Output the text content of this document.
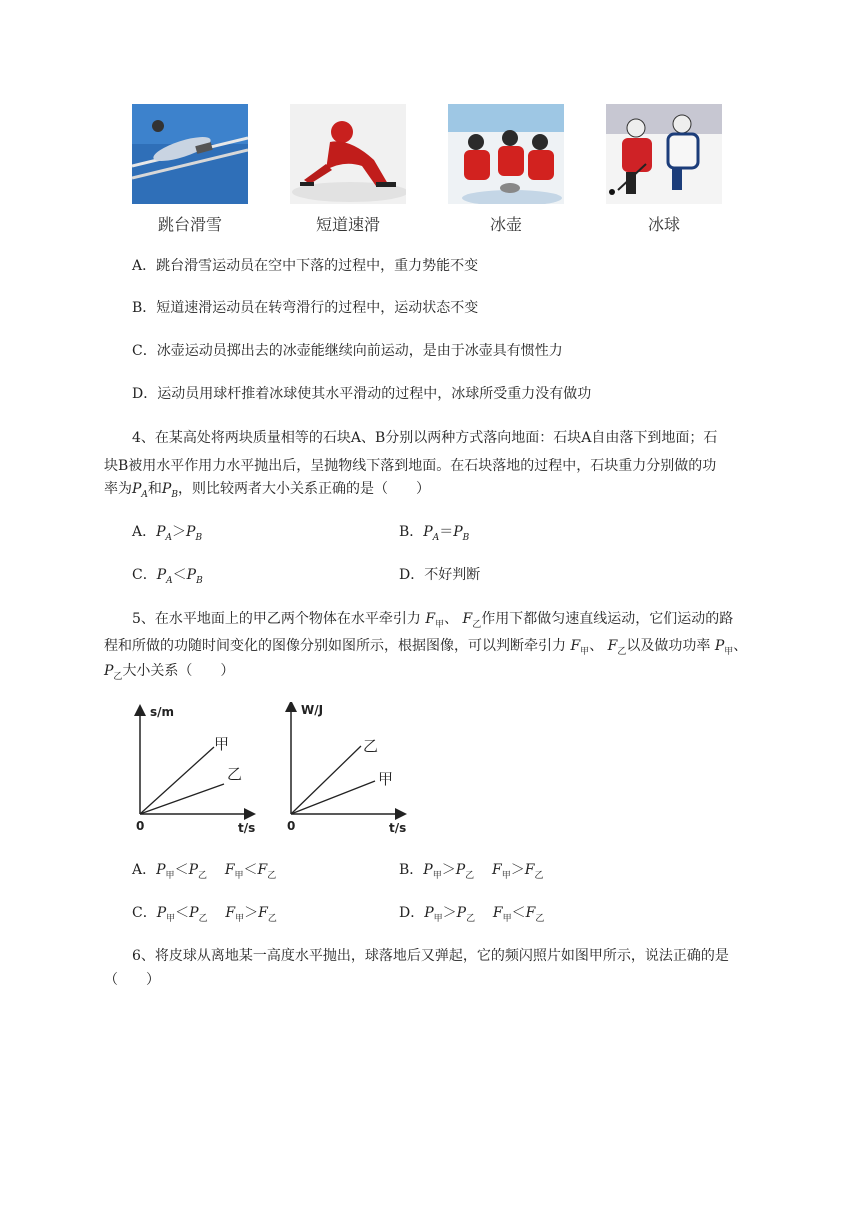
跳台滑雪	短道速滑	冰壶	冰球
A．跳台滑雪运动员在空中下落的过程中，重力势能不变
B．短道速滑运动员在转弯滑行的过程中，运动状态不变
C．冰壶运动员掷出去的冰壶能继续向前运动，是由于冰壶具有惯性力
D．运动员用球杆推着冰球使其水平滑动的过程中，冰球所受重力没有做功
4、在某高处将两块质量相等的石块A、B分别以两种方式落向地面：石块A自由落下到地面；石
块B被用水平作用力水平抛出后，呈抛物线下落到地面。在石块落地的过程中，石块重力分别做的功
率为$P_A$和$P_B$，则比较两者大小关系正确的是（　　）
A．$P_A>P_B$	B．$P_A=P_B$
C．$P_A<P_B$	D．不好判断
5、在水平地面上的甲乙两个物体在水平牵引力 $F_甲$、 $F_乙$作用下都做匀速直线运动，它们运动的路
程和所做的功随时间变化的图像分别如图所示，根据图像，可以判断牵引力 $F_甲$、 $F_乙$以及做功功率 $P_甲$、
$P_乙$大小关系（　　）
s/m
t/s
0
甲
乙
W/J
t/s
0
乙
甲
A．$P_甲<P_乙$ $F_甲<F_乙$	B．$P_甲>P_乙$ $F_甲>F_乙$
C．$P_甲<P_乙$ $F_甲>F_乙$	D．$P_甲>P_乙$ $F_甲<F_乙$
6、将皮球从离地某一高度水平抛出，球落地后又弹起，它的频闪照片如图甲所示，说法正确的是
（　　）
